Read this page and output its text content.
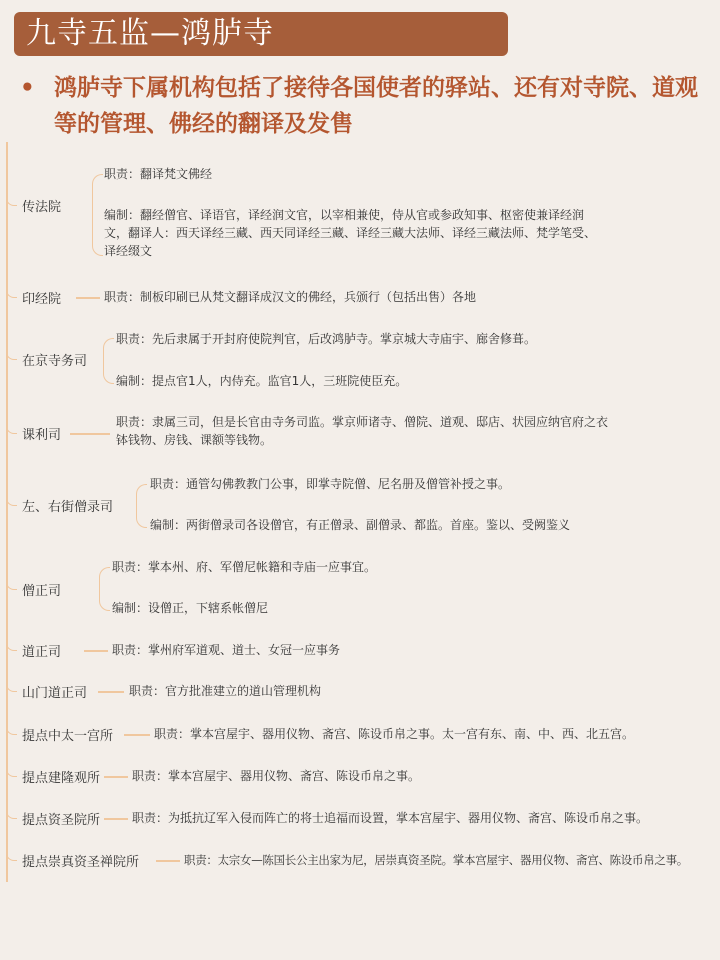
九寺五监—鸿胪寺
• 鸿胪寺下属机构包括了接待各国使者的驿站、还有对寺院、道观等的管理、佛经的翻译及发售
传法院
职责：翻译梵文佛经
编制：翻经僧官、译语官，译经润文官，以宰相兼使，侍从官或参政知事、枢密使兼译经润文，翻译人：西天译经三藏、西天同译经三藏、译经三藏大法师、译经三藏法师、梵学笔受、译经缀文
印经院	职责：制板印刷已从梵文翻译成汉文的佛经，兵颁行（包括出售）各地
在京寺务司
职责：先后隶属于开封府使院判官，后改鸿胪寺。掌京城大寺庙宇、廊舍修葺。
编制：提点官1人，内侍充。监官1人，三班院使臣充。
课利司
职责：隶属三司，但是长官由寺务司监。掌京师诸寺、僧院、道观、邸店、状园应纳官府之衣钵钱物、房钱、课额等钱物。
左、右街僧录司
职责：通管勾佛教教门公事，即掌寺院僧、尼名册及僧管补授之事。
编制：两街僧录司各设僧官，有正僧录、副僧录、都监。首座。鉴以、受阙鉴义
僧正司
职责：掌本州、府、军僧尼帐籍和寺庙一应事宜。
编制：设僧正，下辖系帐僧尼
道正司	职责：掌州府军道观、道士、女冠一应事务
山门道正司	职责：官方批准建立的道山管理机构
提点中太一宫所	职责：掌本宫屋宇、器用仪物、斋宫、陈设币帛之事。太一宫有东、南、中、西、北五宫。
提点建隆观所	职责：掌本宫屋宇、器用仪物、斋宫、陈设币帛之事。
提点资圣院所	职责：为抵抗辽军入侵而阵亡的将士追福而设置，掌本宫屋宇、器用仪物、斋宫、陈设币帛之事。
提点崇真资圣禅院所	职责：太宗女—陈国长公主出家为尼，居崇真资圣院。掌本宫屋宇、器用仪物、斋宫、陈设币帛之事。
